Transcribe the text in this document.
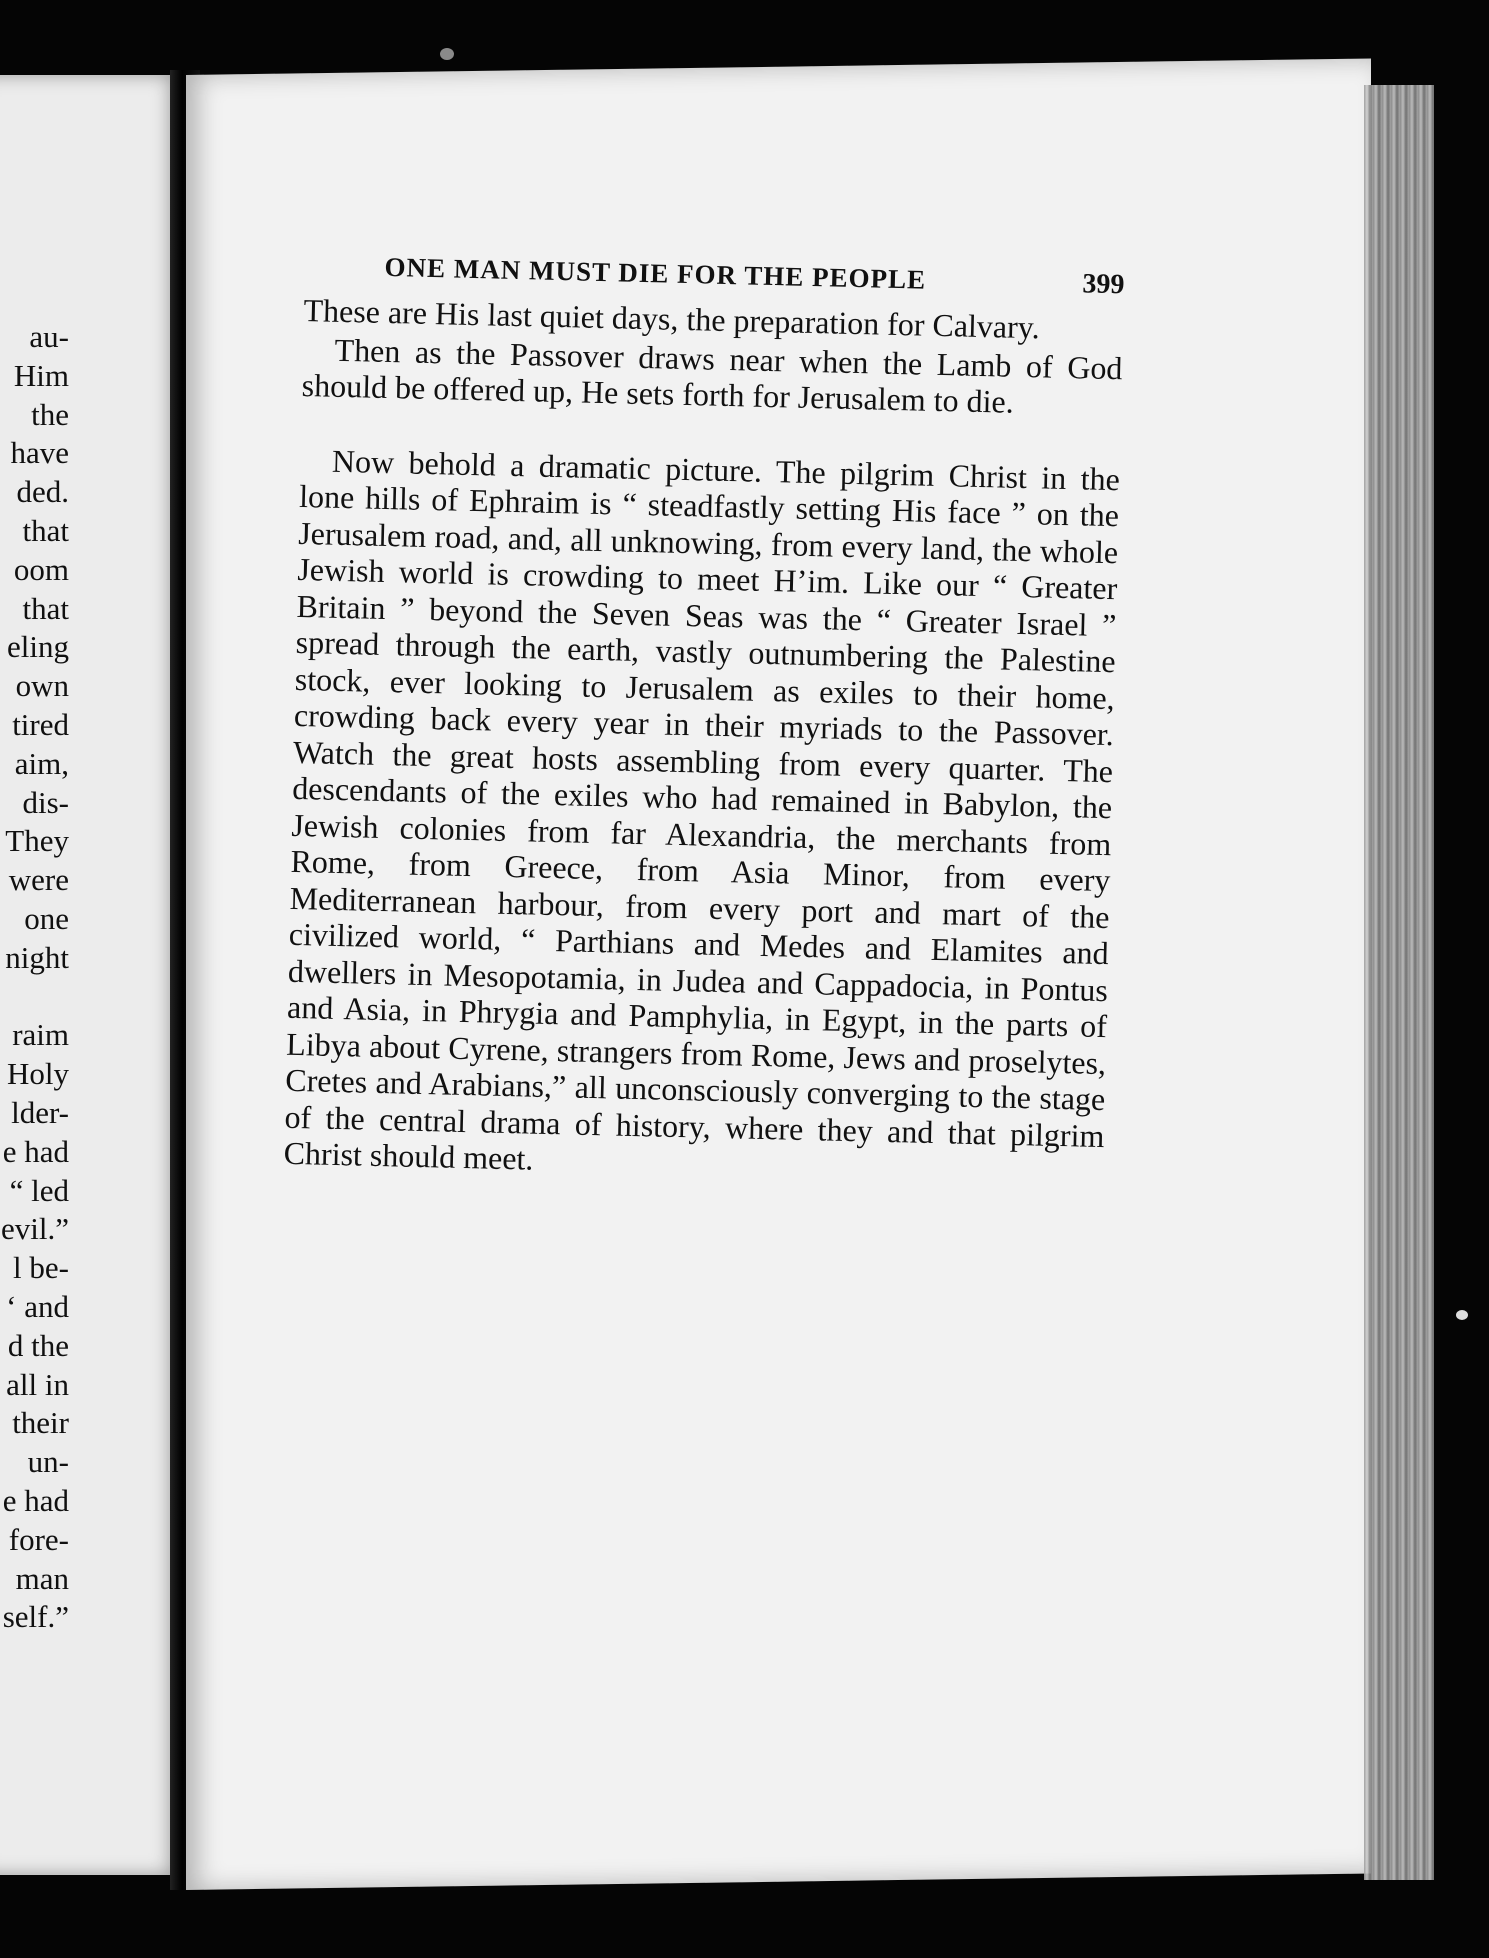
au-
Him
the
have
ded.
that
oom
that
eling
own
tired
aim,
dis-
They
were
one
night
raim
Holy
lder-
e had
“ led
evil.”
l be-
‘ and
d the
all in
their
un-
e had
fore-
man
self.”
ONE MAN MUST DIE FOR THE PEOPLE	399

These are His last quiet days, the preparation for Calvary.

Then as the Passover draws near when the Lamb of God should be offered up, He sets forth for Jerusalem to die.

Now behold a dramatic picture. The pilgrim Christ in the lone hills of Ephraim is “ steadfastly setting His face ” on the Jerusalem road, and, all unknowing, from every land, the whole Jewish world is crowding to meet H’im. Like our “ Greater Britain ” beyond the Seven Seas was the “ Greater Israel ” spread through the earth, vastly outnumbering the Palestine stock, ever looking to Jerusalem as exiles to their home, crowding back every year in their myriads to the Passover. Watch the great hosts assembling from every quarter. The descendants of the exiles who had remained in Babylon, the Jewish colonies from far Alexandria, the merchants from Rome, from Greece, from Asia Minor, from every Mediterranean harbour, from every port and mart of the civilized world, “ Parthians and Medes and Elamites and dwellers in Mesopotamia, in Judea and Cappadocia, in Pontus and Asia, in Phrygia and Pamphylia, in Egypt, in the parts of Libya about Cyrene, strangers from Rome, Jews and proselytes, Cretes and Arabians,” all unconsciously converging to the stage of the central drama of history, where they and that pilgrim Christ should meet.
